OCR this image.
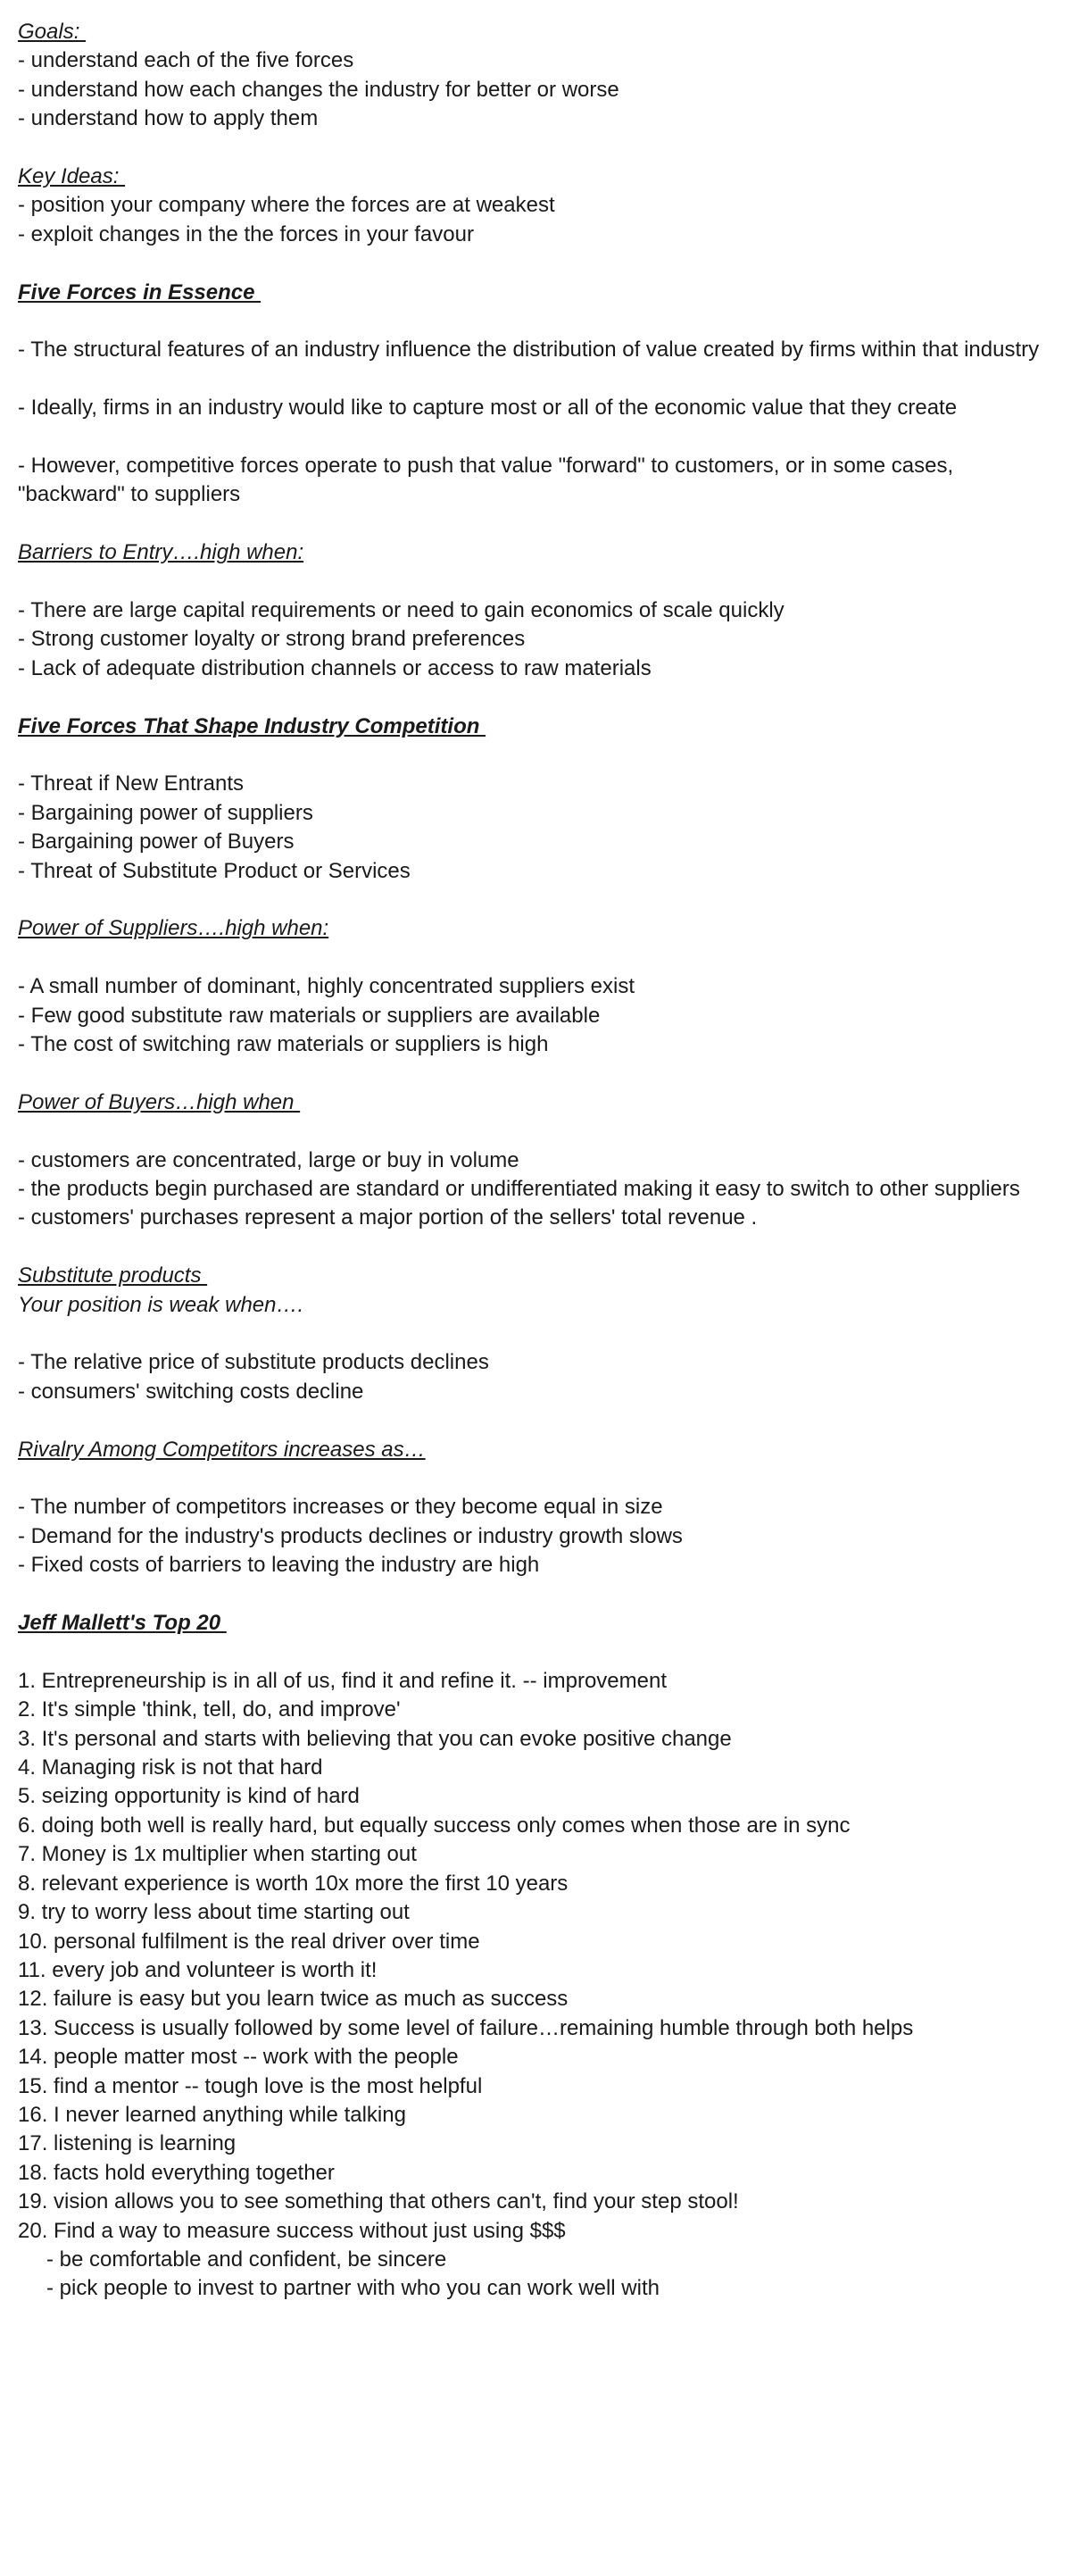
Goals:
- understand each of the five forces
- understand how each changes the industry for better or worse
- understand how to apply them
Key Ideas:
- position your company where the forces are at weakest
- exploit changes in the the forces in your favour
Five Forces in Essence
- The structural features of an industry influence the distribution of value created by firms within that industry
- Ideally, firms in an industry would like to capture most or all of the economic value that they create
- However, competitive forces operate to push that value "forward" to customers, or in some cases, "backward" to suppliers
Barriers to Entry….high when:
- There are large capital requirements or need to gain economics of scale quickly
- Strong customer loyalty or strong brand preferences
- Lack of adequate distribution channels or access to raw materials
Five Forces That Shape Industry Competition
- Threat if New Entrants
- Bargaining power of suppliers
- Bargaining power of Buyers
- Threat of Substitute Product or Services
Power of Suppliers….high when:
- A small number of dominant, highly concentrated suppliers exist
- Few good substitute raw materials or suppliers are available
- The cost of switching raw materials or suppliers is high
Power of Buyers…high when
- customers are concentrated, large or buy in volume
- the products begin purchased are standard or undifferentiated making it easy to switch to other suppliers
- customers' purchases represent a major portion of the sellers' total revenue .
Substitute products
Your position is weak when….
- The relative price of substitute products declines
- consumers' switching costs decline
Rivalry Among Competitors increases as…
- The number of competitors increases or they become equal in size
- Demand for the industry's products declines or industry growth slows
- Fixed costs of barriers to leaving the industry are high
Jeff Mallett's Top 20
1. Entrepreneurship is in all of us, find it and refine it. -- improvement
2. It's simple 'think, tell, do, and improve'
3. It's personal and starts with believing that you can evoke positive change
4. Managing risk is not that hard
5. seizing opportunity is kind of hard
6. doing both well is really hard, but equally success only comes when those are in sync
7. Money is 1x multiplier when starting out
8. relevant experience is worth 10x more the first 10 years
9. try to worry less about time starting out
10. personal fulfilment is the real driver over time
11. every job and volunteer is worth it!
12. failure is easy but you learn twice as much as success
13. Success is usually followed by some level of failure…remaining humble through both helps
14. people matter most -- work with the people
15. find a mentor -- tough love is the most helpful
16. I never learned anything while talking
17. listening is learning
18. facts hold everything together
19. vision allows you to see something that others can't, find your step stool!
20. Find a way to measure success without just using $$$
- be comfortable and confident, be sincere
- pick people to invest to partner with who you can work well with
